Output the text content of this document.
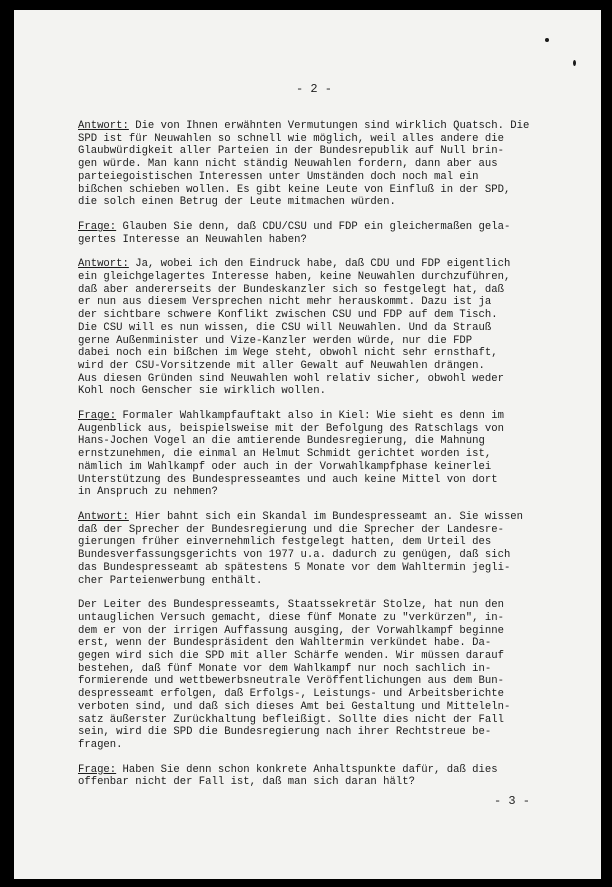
- 2 -

Antwort: Die von Ihnen erwähnten Vermutungen sind wirklich Quatsch. Die
SPD ist für Neuwahlen so schnell wie möglich, weil alles andere die
Glaubwürdigkeit aller Parteien in der Bundesrepublik auf Null brin-
gen würde. Man kann nicht ständig Neuwahlen fordern, dann aber aus
parteiegoistischen Interessen unter Umständen doch noch mal ein
bißchen schieben wollen. Es gibt keine Leute von Einfluß in der SPD,
die solch einen Betrug der Leute mitmachen würden.
Frage: Glauben Sie denn, daß CDU/CSU und FDP ein gleichermaßen gela-
gertes Interesse an Neuwahlen haben?
Antwort: Ja, wobei ich den Eindruck habe, daß CDU und FDP eigentlich
ein gleichgelagertes Interesse haben, keine Neuwahlen durchzuführen,
daß aber andererseits der Bundeskanzler sich so festgelegt hat, daß
er nun aus diesem Versprechen nicht mehr herauskommt. Dazu ist ja
der sichtbare schwere Konflikt zwischen CSU und FDP auf dem Tisch.
Die CSU will es nun wissen, die CSU will Neuwahlen. Und da Strauß
gerne Außenminister und Vize-Kanzler werden würde, nur die FDP
dabei noch ein bißchen im Wege steht, obwohl nicht sehr ernsthaft,
wird der CSU-Vorsitzende mit aller Gewalt auf Neuwahlen drängen.
Aus diesen Gründen sind Neuwahlen wohl relativ sicher, obwohl weder
Kohl noch Genscher sie wirklich wollen.
Frage: Formaler Wahlkampfauftakt also in Kiel: Wie sieht es denn im
Augenblick aus, beispielsweise mit der Befolgung des Ratschlags von
Hans-Jochen Vogel an die amtierende Bundesregierung, die Mahnung
ernstzunehmen, die einmal an Helmut Schmidt gerichtet worden ist,
nämlich im Wahlkampf oder auch in der Vorwahlkampfphase keinerlei
Unterstützung des Bundespresseamtes und auch keine Mittel von dort
in Anspruch zu nehmen?
Antwort: Hier bahnt sich ein Skandal im Bundespresseamt an. Sie wissen
daß der Sprecher der Bundesregierung und die Sprecher der Landesre-
gierungen früher einvernehmlich festgelegt hatten, dem Urteil des
Bundesverfassungsgerichts von 1977 u.a. dadurch zu genügen, daß sich
das Bundespresseamt ab spätestens 5 Monate vor dem Wahltermin jegli-
cher Parteienwerbung enthält.
Der Leiter des Bundespresseamts, Staatssekretär Stolze, hat nun den
untauglichen Versuch gemacht, diese fünf Monate zu "verkürzen", in-
dem er von der irrigen Auffassung ausging, der Vorwahlkampf beginne
erst, wenn der Bundespräsident den Wahltermin verkündet habe. Da-
gegen wird sich die SPD mit aller Schärfe wenden. Wir müssen darauf
bestehen, daß fünf Monate vor dem Wahlkampf nur noch sachlich in-
formierende und wettbewerbsneutrale Veröffentlichungen aus dem Bun-
despresseamt erfolgen, daß Erfolgs-, Leistungs- und Arbeitsberichte
verboten sind, und daß sich dieses Amt bei Gestaltung und Mitteleln-
satz äußerster Zurückhaltung befleißigt. Sollte dies nicht der Fall
sein, wird die SPD die Bundesregierung nach ihrer Rechtstreue be-
fragen.
Frage: Haben Sie denn schon konkrete Anhaltspunkte dafür, daß dies
offenbar nicht der Fall ist, daß man sich daran hält?
- 3 -
